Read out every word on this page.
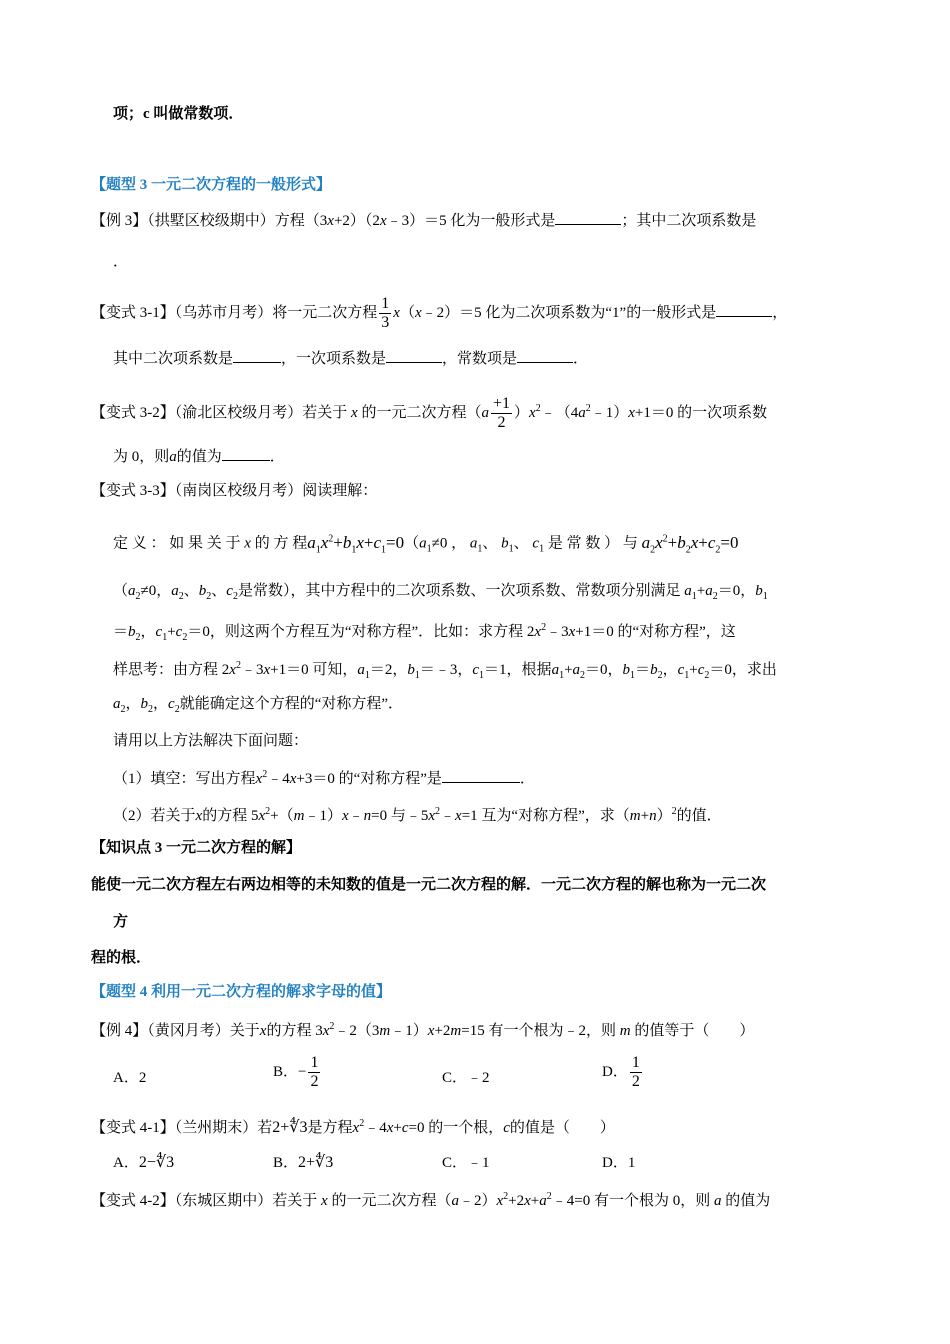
项；c 叫做常数项．
【题型 3 一元二次方程的一般形式】
【例 3】（拱墅区校级期中）方程（3x+2）（2x﹣3）＝5 化为一般形式是	；其中二次项系数是
．
【变式 3-1】（乌苏市月考）将一元二次方程 $\frac{1}{3}$ x（x﹣2）＝5 化为二次项系数为“1”的一般形式是	，
其中二次项系数是	，一次项系数是	，常数项是	．
【变式 3-2】（渝北区校级月考）若关于 x 的一元二次方程（$a \frac{+1}{2}$ ）$x^2﹣(4a^2﹣1)x+1=0$ 的一次项系数
为 0，则a的值为	．
【变式 3-3】（南岗区校级月考）阅读理解：
定 义 ： 如 果 关 于 x 的 方 程$a_1x^2+b_1x+c_1=0(a_1\ne 0$ ， $a_1$、 $b_1$、 $c_1$ 是 常 数 ） 与 $a_2x^2+b_2x+c_2=0$
（$a_2\ne 0$，$a_2$、$b_2$、$c_2$是常数），其中方程中的二次项系数、一次项系数、常数项分别满足 $a_1+a_2=0$，$b_1$
$=b_2$，$c_1+c_2=0$，则这两个方程互为“对称方程”．比如：求方程 $2x^2﹣3x+1=0$ 的“对称方程”，这
样思考：由方程 $2x^2﹣3x+1=0$ 可知，$a_1=2$，$b_1=﹣3$，$c_1=1$，根据$a_1+a_2=0$，$b_1=b_2$，$c_1+c_2=0$，求出
$a_2$，$b_2$，$c_2$就能确定这个方程的“对称方程”．
请用以上方法解决下面问题：
（1）填空：写出方程$x^2﹣4x+3=0$ 的“对称方程”是	．
（2）若关于x的方程 $5x^2+(m﹣1)x﹣n=0$ 与$﹣5x^2﹣x=1$ 互为“对称方程”，求$(m+n)^2$的值．
【知识点 3 一元二次方程的解】
能使一元二次方程左右两边相等的未知数的值是一元二次方程的解．一元二次方程的解也称为一元二次
方
程的根．
【题型 4 利用一元二次方程的解求字母的值】
【例 4】（黄冈月考）关于x的方程 $3x^2﹣2(3m﹣1)x+2m=15$ 有一个根为﹣2，则 m 的值等于（　　）
A．2	B．− $\frac{1}{2}$	C．﹣2	D． $\frac{1}{2}$
【变式 4-1】（兰州期末）若2+∜3是方程$x^2﹣4x+c=0$ 的一个根，c的值是（　　）
A．2−∜3	B．2+∜3	C．﹣1	D．1
【变式 4-2】（东城区期中）若关于 x 的一元二次方程$(a﹣2)x^2+2x+a^2﹣4=0$ 有一个根为 0，则 a 的值为
